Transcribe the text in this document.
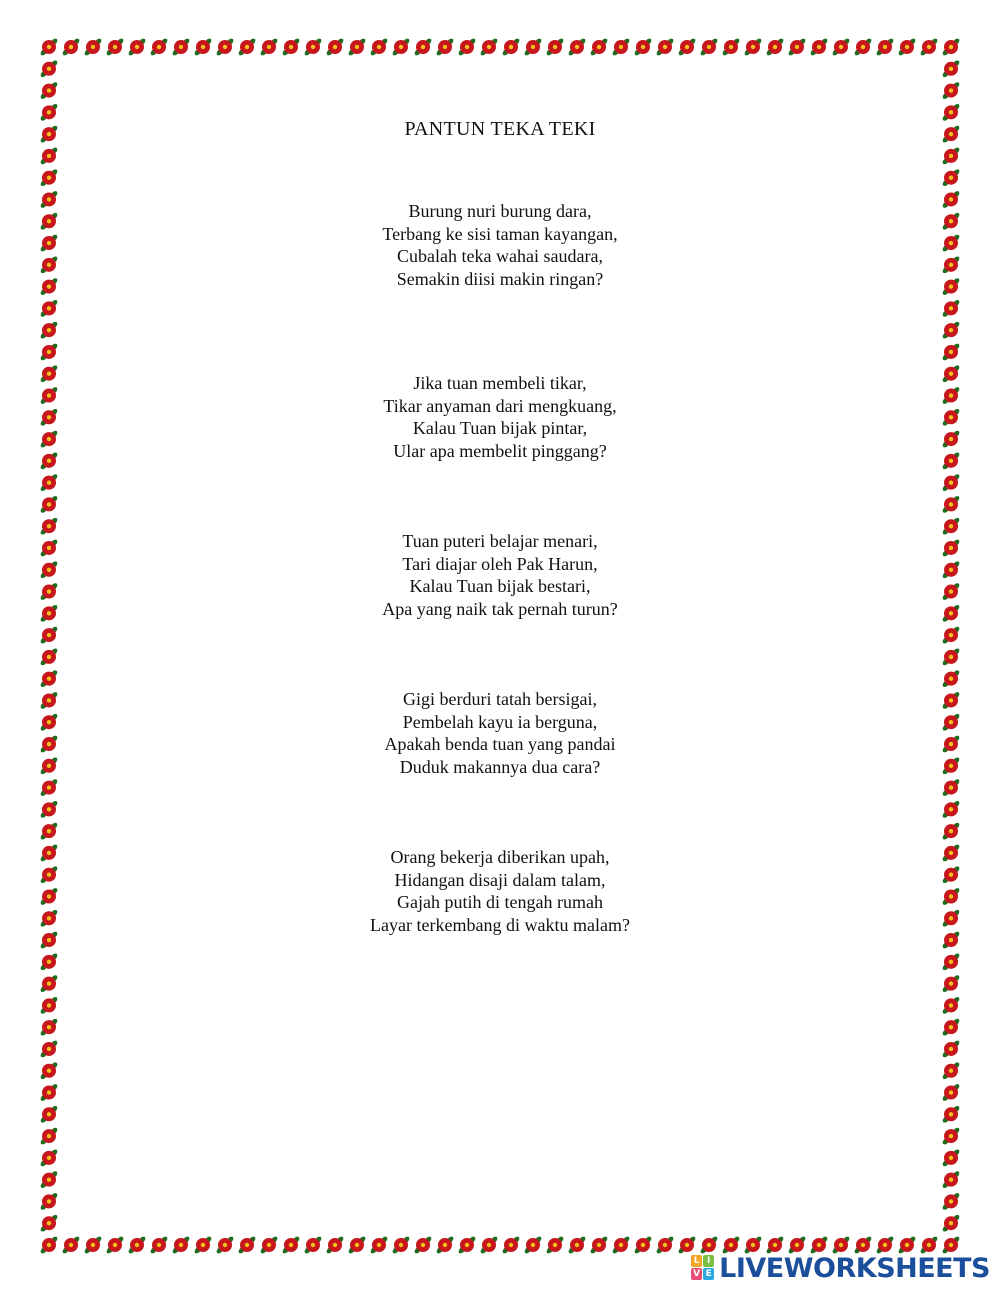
PANTUN TEKA TEKI
Burung nuri burung dara,
Terbang ke sisi taman kayangan,
Cubalah teka wahai saudara,
Semakin diisi makin ringan?
Jika tuan membeli tikar,
Tikar anyaman dari mengkuang,
Kalau Tuan bijak pintar,
Ular apa membelit pinggang?
Tuan puteri belajar menari,
Tari diajar oleh Pak Harun,
Kalau Tuan bijak bestari,
Apa yang naik tak pernah turun?
Gigi berduri tatah bersigai,
Pembelah kayu ia berguna,
Apakah benda tuan yang pandai
Duduk makannya dua cara?
Orang bekerja diberikan upah,
Hidangan disaji dalam talam,
Gajah putih di tengah rumah
Layar terkembang di waktu malam?
L I
V E LIVEWORKSHEETS
